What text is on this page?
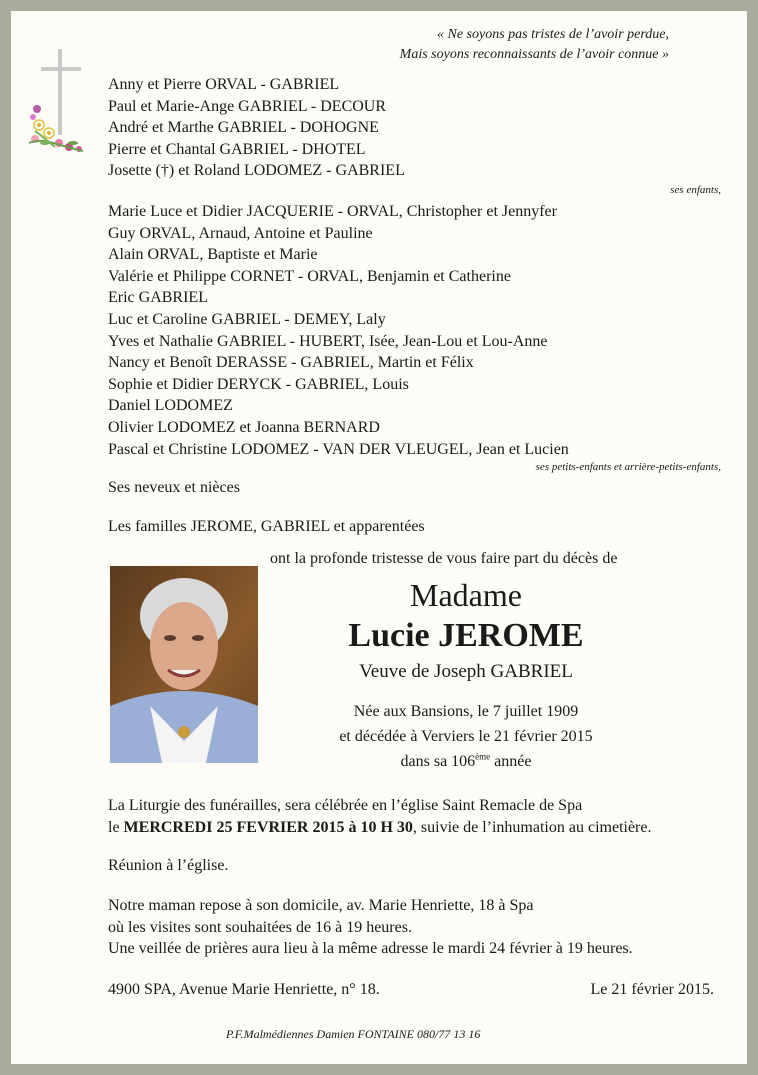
« Ne soyons pas tristes de l’avoir perdue,
Mais soyons reconnaissants de l’avoir connue »
Anny et Pierre ORVAL - GABRIEL
Paul et Marie-Ange GABRIEL - DECOUR
André et Marthe GABRIEL - DOHOGNE
Pierre et Chantal GABRIEL - DHOTEL
Josette (†) et Roland LODOMEZ - GABRIEL
ses enfants,
Marie Luce et Didier JACQUERIE - ORVAL, Christopher et Jennyfer
Guy ORVAL, Arnaud, Antoine et Pauline
Alain ORVAL, Baptiste et Marie
Valérie et Philippe CORNET - ORVAL, Benjamin et Catherine
Eric GABRIEL
Luc et Caroline GABRIEL - DEMEY, Laly
Yves et Nathalie GABRIEL - HUBERT, Isée, Jean-Lou et Lou-Anne
Nancy et Benoît DERASSE - GABRIEL, Martin et Félix
Sophie et Didier DERYCK - GABRIEL, Louis
Daniel LODOMEZ
Olivier LODOMEZ et Joanna BERNARD
Pascal et Christine LODOMEZ - VAN DER VLEUGEL, Jean et Lucien
ses petits-enfants et arrière-petits-enfants,
Ses neveux et nièces
Les familles JEROME, GABRIEL et apparentées
ont la profonde tristesse de vous faire part du décès de
Madame
Lucie JEROME
Veuve de Joseph GABRIEL
Née aux Bansions, le 7 juillet 1909
et décédée à Verviers le 21 février 2015
dans sa 106ème année
La Liturgie des funérailles, sera célébrée en l’église Saint Remacle de Spa
le MERCREDI 25 FEVRIER 2015 à 10 H 30, suivie de l’inhumation au cimetière.
Réunion à l’église.
Notre maman repose à son domicile, av. Marie Henriette, 18 à Spa
où les visites sont souhaitées de 16 à 19 heures.
Une veillée de prières aura lieu à la même adresse le mardi 24 février à 19 heures.
4900 SPA, Avenue Marie Henriette, n° 18.	Le 21 février 2015.
P.F.Malmédiennes Damien FONTAINE 080/77 13 16
